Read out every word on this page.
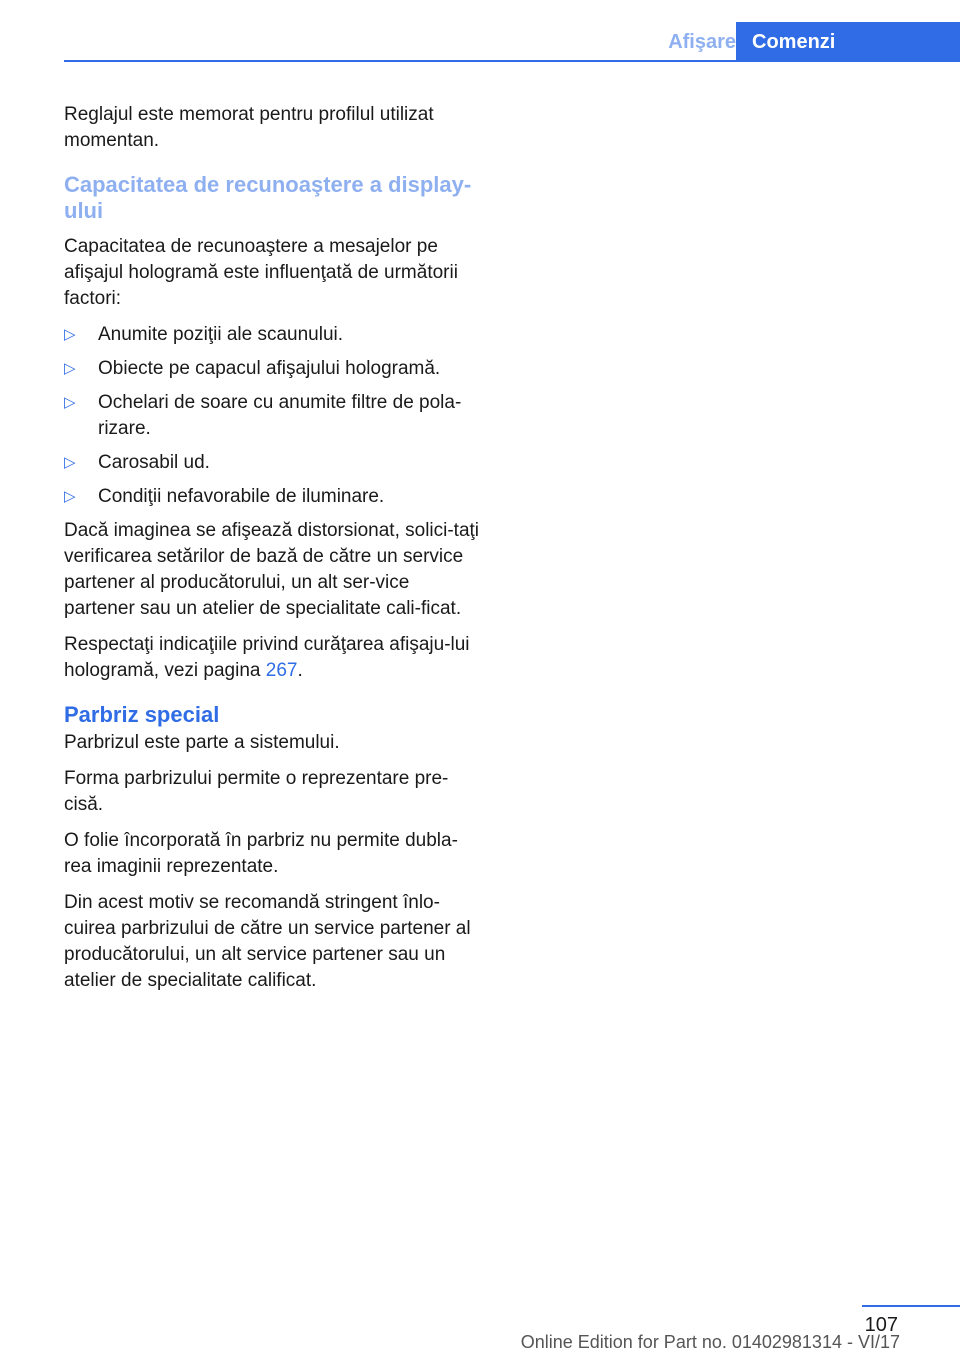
Afişare Comenzi

Reglajul este memorat pentru profilul utilizat momentan.

Capacitatea de recunoaştere a display-ului

Capacitatea de recunoaştere a mesajelor pe afişajul hologramă este influenţată de următorii factori:

▷ Anumite poziţii ale scaunului.
▷ Obiecte pe capacul afişajului hologramă.
▷ Ochelari de soare cu anumite filtre de pola‐rizare.
▷ Carosabil ud.
▷ Condiţii nefavorabile de iluminare.

Dacă imaginea se afişează distorsionat, solici‐taţi verificarea setărilor de bază de către un service partener al producătorului, un alt ser‐vice partener sau un atelier de specialitate cali‐ficat.

Respectaţi indicaţiile privind curăţarea afişaju‐lui hologramă, vezi pagina 267.

Parbriz special

Parbrizul este parte a sistemului.

Forma parbrizului permite o reprezentare pre‐cisă.

O folie încorporată în parbriz nu permite dubla‐rea imaginii reprezentate.

Din acest motiv se recomandă stringent înlo‐cuirea parbrizului de către un service partener al producătorului, un alt service partener sau un atelier de specialitate calificat.

107
Online Edition for Part no. 01402981314 - VI/17
